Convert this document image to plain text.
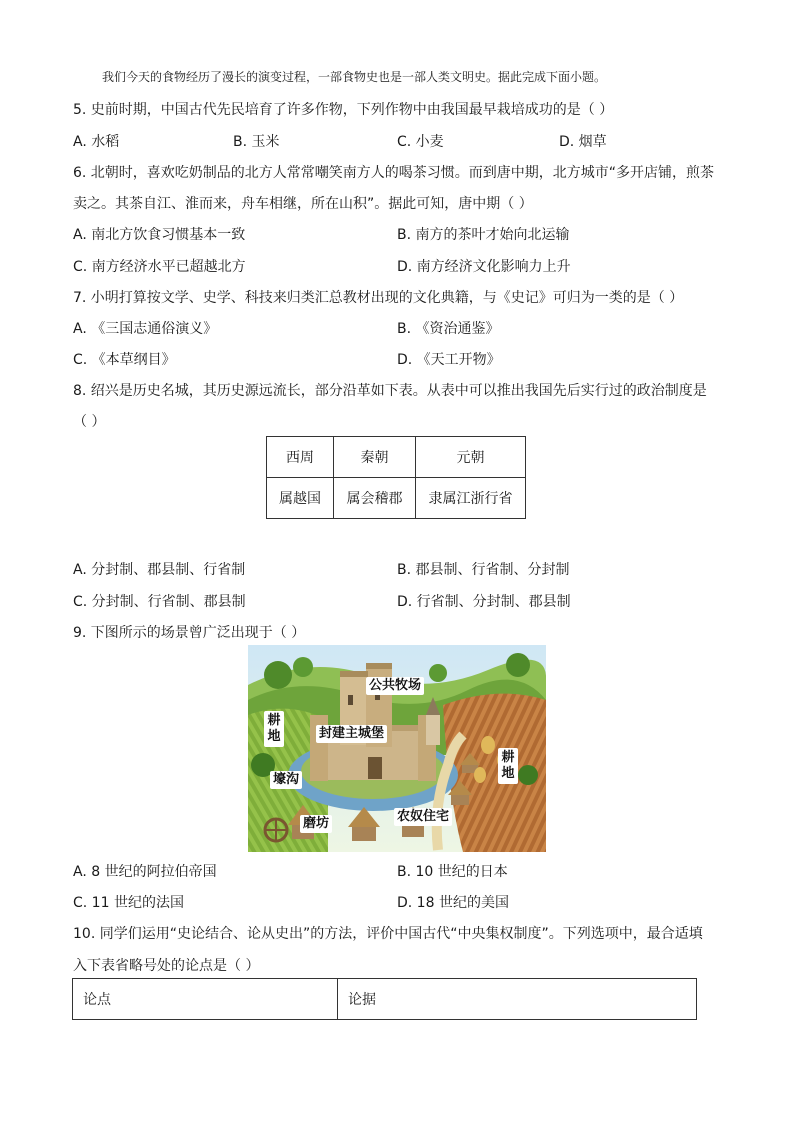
我们今天的食物经历了漫长的演变过程，一部食物史也是一部人类文明史。据此完成下面小题。
5. 史前时期，中国古代先民培育了许多作物，下列作物中由我国最早栽培成功的是（ ）
A. 水稻	B. 玉米	C. 小麦	D. 烟草
6. 北朝时，喜欢吃奶制品的北方人常常嘲笑南方人的喝茶习惯。而到唐中期，北方城市“多开店铺，煎茶
卖之。其茶自江、淮而来，舟车相继，所在山积”。据此可知，唐中期（ ）
A. 南北方饮食习惯基本一致	B. 南方的茶叶才始向北运输
C. 南方经济水平已超越北方	D. 南方经济文化影响力上升
7. 小明打算按文学、史学、科技来归类汇总教材出现的文化典籍，与《史记》可归为一类的是（ ）
A. 《三国志通俗演义》	B. 《资治通鉴》
C. 《本草纲目》	D. 《天工开物》
8. 绍兴是历史名城，其历史源远流长，部分沿革如下表。从表中可以推出我国先后实行过的政治制度是
（ ）
西周	秦朝	元朝
属越国	属会稽郡	隶属江浙行省
A. 分封制、郡县制、行省制	B. 郡县制、行省制、分封制
C. 分封制、行省制、郡县制	D. 行省制、分封制、郡县制
9. 下图所示的场景曾广泛出现于（ ）
公共牧场
耕地	封建主城堡
壕沟
耕地
磨坊	农奴住宅
A. 8 世纪的阿拉伯帝国	B. 10 世纪的日本
C. 11 世纪的法国	D. 18 世纪的美国
10. 同学们运用“史论结合、论从史出”的方法，评价中国古代“中央集权制度”。下列选项中，最合适填
入下表省略号处的论点是（ ）
论点	论据
